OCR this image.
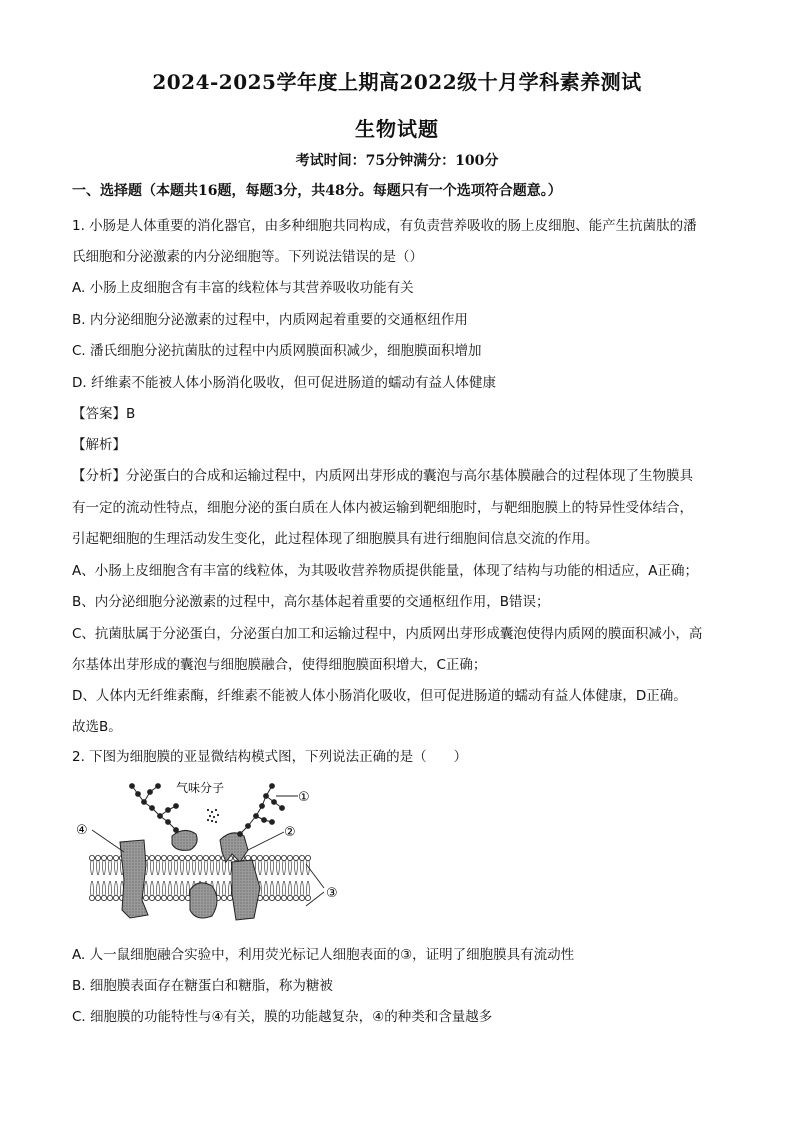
2024-2025学年度上期高2022级十月学科素养测试
生物试题
考试时间：75分钟满分：100分
一、选择题（本题共16题，每题3分，共48分。每题只有一个选项符合题意。）
1. 小肠是人体重要的消化器官，由多种细胞共同构成，有负责营养吸收的肠上皮细胞、能产生抗菌肽的潘
氏细胞和分泌激素的内分泌细胞等。下列说法错误的是（）
A. 小肠上皮细胞含有丰富的线粒体与其营养吸收功能有关
B. 内分泌细胞分泌激素的过程中，内质网起着重要的交通枢纽作用
C. 潘氏细胞分泌抗菌肽的过程中内质网膜面积减少，细胞膜面积增加
D. 纤维素不能被人体小肠消化吸收，但可促进肠道的蠕动有益人体健康
【答案】B
【解析】
【分析】分泌蛋白的合成和运输过程中，内质网出芽形成的囊泡与高尔基体膜融合的过程体现了生物膜具
有一定的流动性特点，细胞分泌的蛋白质在人体内被运输到靶细胞时，与靶细胞膜上的特异性受体结合，
引起靶细胞的生理活动发生变化，此过程体现了细胞膜具有进行细胞间信息交流的作用。
A、小肠上皮细胞含有丰富的线粒体，为其吸收营养物质提供能量，体现了结构与功能的相适应，A正确；
B、内分泌细胞分泌激素的过程中，高尔基体起着重要的交通枢纽作用，B错误；
C、抗菌肽属于分泌蛋白，分泌蛋白加工和运输过程中，内质网出芽形成囊泡使得内质网的膜面积减小，高
尔基体出芽形成的囊泡与细胞膜融合，使得细胞膜面积增大，C正确；
D、人体内无纤维素酶，纤维素不能被人体小肠消化吸收，但可促进肠道的蠕动有益人体健康，D正确。
故选B。
2. 下图为细胞膜的亚显微结构模式图，下列说法正确的是（　　）
气味分子
①
②
④
③
A. 人一鼠细胞融合实验中，利用荧光标记人细胞表面的③，证明了细胞膜具有流动性
B. 细胞膜表面存在糖蛋白和糖脂，称为糖被
C. 细胞膜的功能特性与④有关，膜的功能越复杂，④的种类和含量越多
